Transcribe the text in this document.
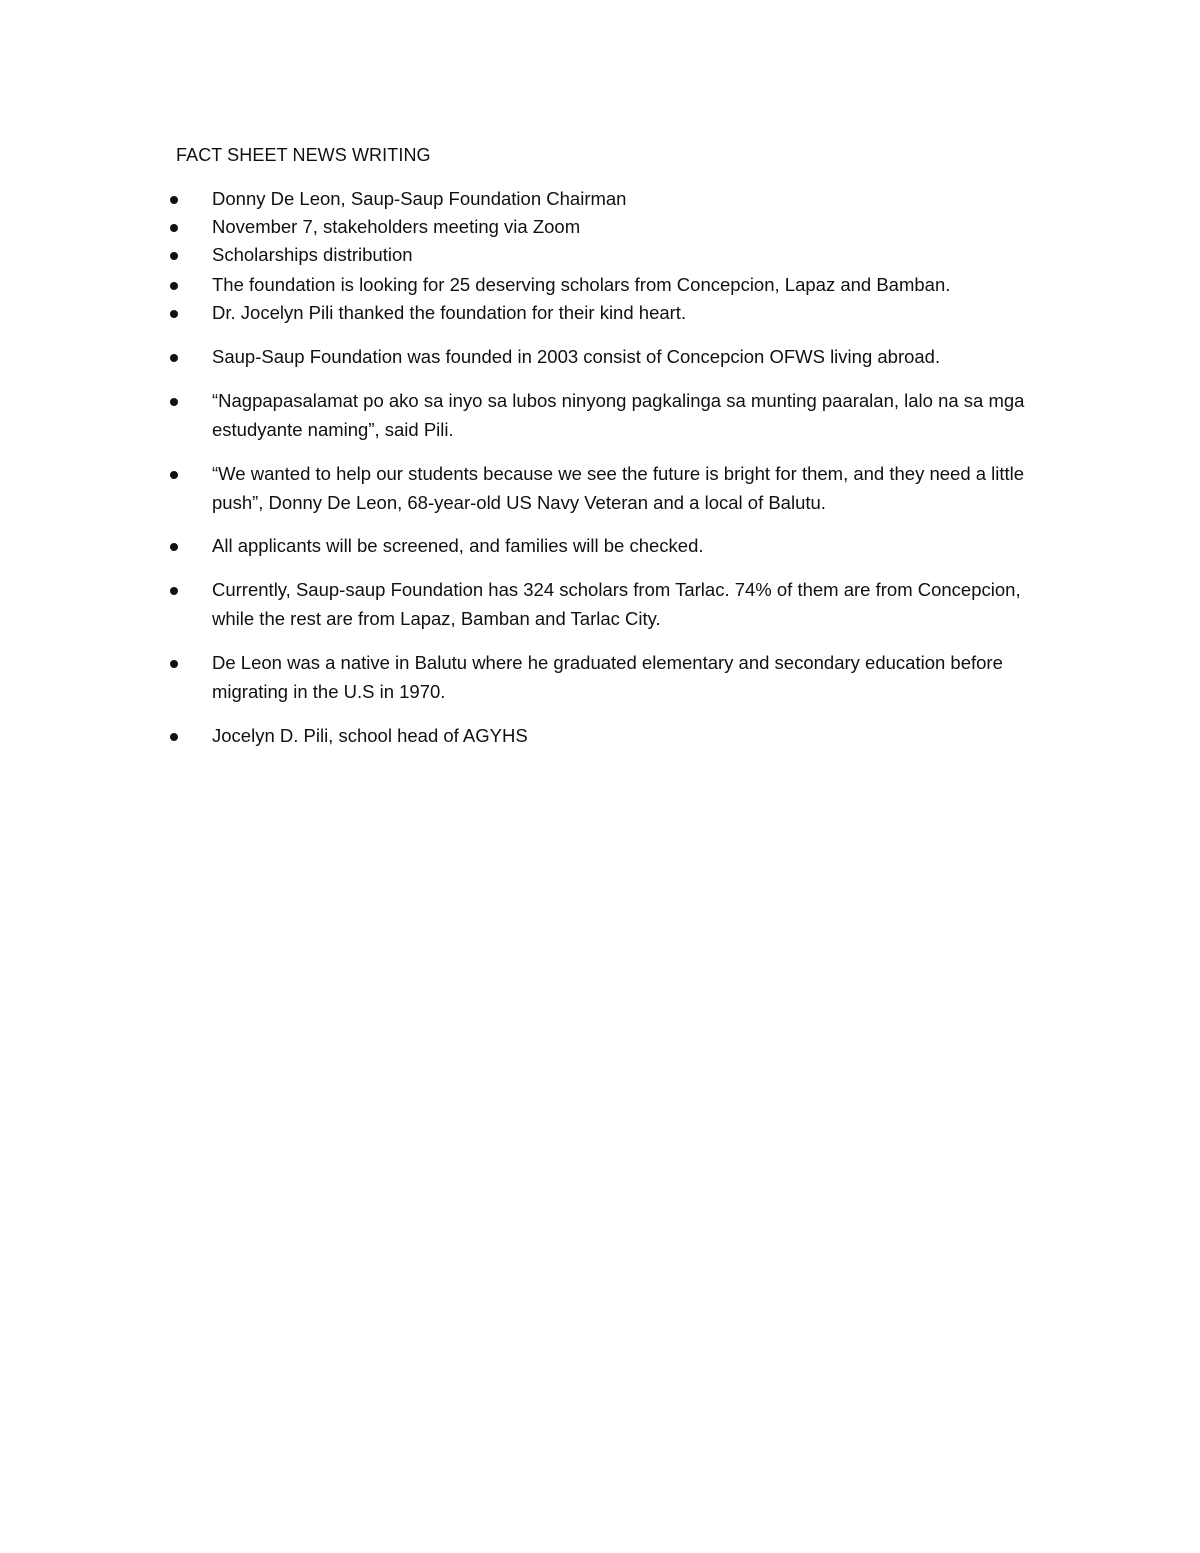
FACT SHEET NEWS WRITING
Donny De Leon, Saup-Saup Foundation Chairman
November 7, stakeholders meeting via Zoom
Scholarships distribution
The foundation is looking for 25 deserving scholars from Concepcion, Lapaz and Bamban.
Dr. Jocelyn Pili thanked the foundation for their kind heart.
Saup-Saup Foundation was founded in 2003 consist of Concepcion OFWS living abroad.
“Nagpapasalamat po ako sa inyo sa lubos ninyong pagkalinga sa munting paaralan, lalo na sa mga estudyante naming”, said Pili.
“We wanted to help our students because we see the future is bright for them, and they need a little push”, Donny De Leon, 68-year-old US Navy Veteran and a local of Balutu.
All applicants will be screened, and families will be checked.
Currently, Saup-saup Foundation has 324 scholars from Tarlac. 74% of them are from Concepcion, while the rest are from Lapaz, Bamban and Tarlac City.
De Leon was a native in Balutu where he graduated elementary and secondary education before migrating in the U.S in 1970.
Jocelyn D. Pili, school head of AGYHS
